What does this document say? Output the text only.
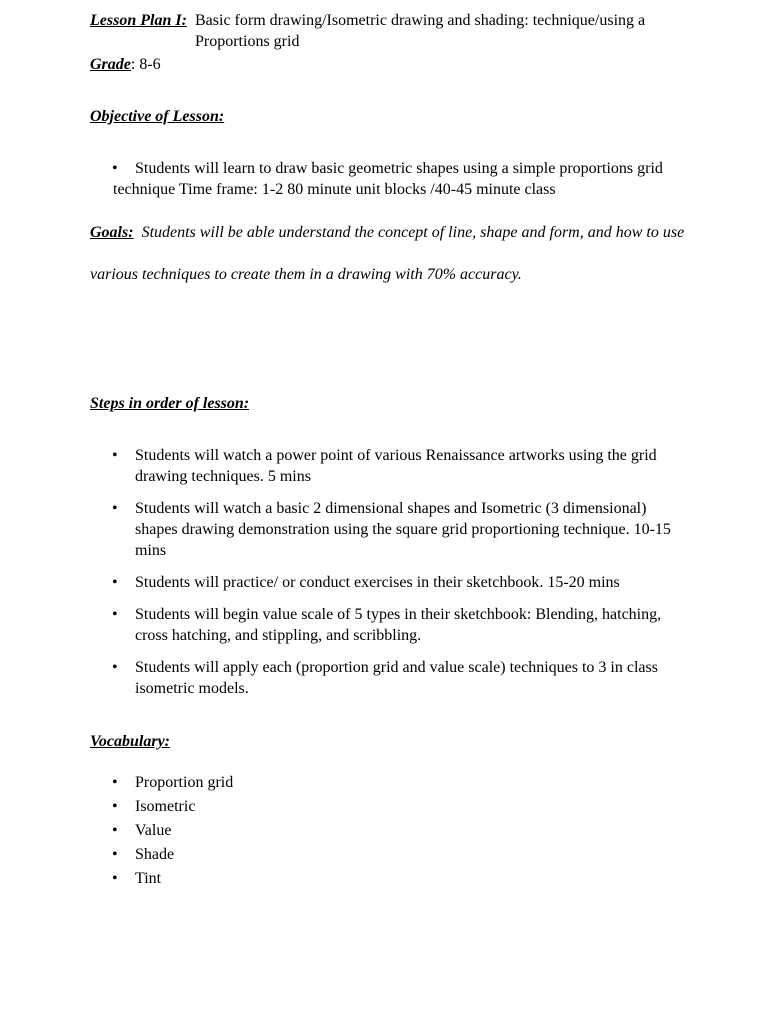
Lesson Plan I: Basic form drawing/Isometric drawing and shading: technique/using a Proportions grid
Grade: 8-6
Objective of Lesson:
• Students will learn to draw basic geometric shapes using a simple proportions grid
technique Time frame: 1-2 80 minute unit blocks /40-45 minute class
Goals: Students will be able understand the concept of line, shape and form, and how to use various techniques to create them in a drawing with 70% accuracy.
Steps in order of lesson:
• Students will watch a power point of various Renaissance artworks using the grid drawing techniques. 5 mins
• Students will watch a basic 2 dimensional shapes and Isometric (3 dimensional) shapes drawing demonstration using the square grid proportioning technique. 10-15 mins
• Students will practice/ or conduct exercises in their sketchbook. 15-20 mins
• Students will begin value scale of 5 types in their sketchbook: Blending, hatching, cross hatching, and stippling, and scribbling.
• Students will apply each (proportion grid and value scale) techniques to 3 in class isometric models.
Vocabulary:
• Proportion grid
• Isometric
• Value
• Shade
• Tint
